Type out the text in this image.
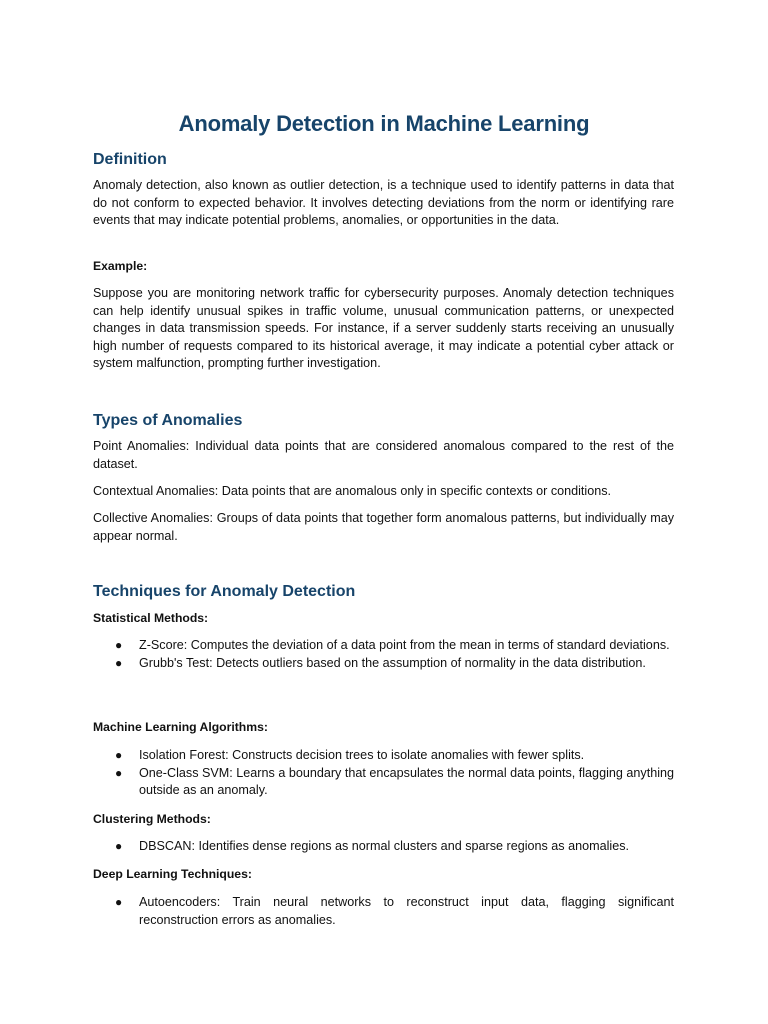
Anomaly Detection in Machine Learning
Definition

Anomaly detection, also known as outlier detection, is a technique used to identify patterns in data that do not conform to expected behavior. It involves detecting deviations from the norm or identifying rare events that may indicate potential problems, anomalies, or opportunities in the data.

Example:

Suppose you are monitoring network traffic for cybersecurity purposes. Anomaly detection techniques can help identify unusual spikes in traffic volume, unusual communication patterns, or unexpected changes in data transmission speeds. For instance, if a server suddenly starts receiving an unusually high number of requests compared to its historical average, it may indicate a potential cyber attack or system malfunction, prompting further investigation.

Types of Anomalies

Point Anomalies: Individual data points that are considered anomalous compared to the rest of the dataset.

Contextual Anomalies: Data points that are anomalous only in specific contexts or conditions.

Collective Anomalies: Groups of data points that together form anomalous patterns, but individually may appear normal.

Techniques for Anomaly Detection

Statistical Methods:

● Z-Score: Computes the deviation of a data point from the mean in terms of standard deviations.
● Grubb's Test: Detects outliers based on the assumption of normality in the data distribution.

Machine Learning Algorithms:

● Isolation Forest: Constructs decision trees to isolate anomalies with fewer splits.
● One-Class SVM: Learns a boundary that encapsulates the normal data points, flagging anything outside as an anomaly.

Clustering Methods:

● DBSCAN: Identifies dense regions as normal clusters and sparse regions as anomalies.

Deep Learning Techniques:

● Autoencoders: Train neural networks to reconstruct input data, flagging significant reconstruction errors as anomalies.
